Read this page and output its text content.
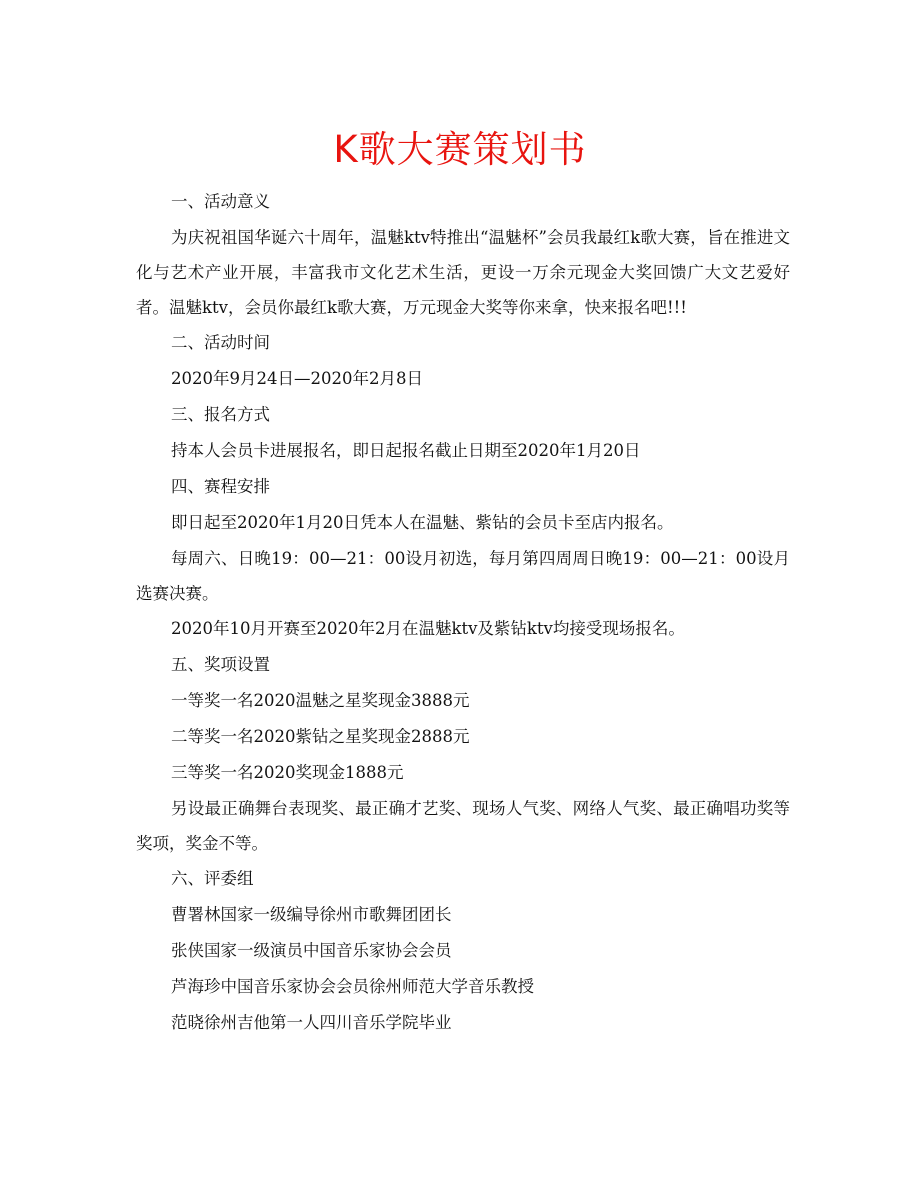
K歌大赛策划书

一、活动意义

为庆祝祖国华诞六十周年，温魅ktv特推出“温魅杯”会员我最红k歌大赛，旨在推进文化与艺术产业开展，丰富我市文化艺术生活，更设一万余元现金大奖回馈广大文艺爱好者。温魅ktv，会员你最红k歌大赛，万元现金大奖等你来拿，快来报名吧!!!

二、活动时间

2020年9月24日—2020年2月8日

三、报名方式

持本人会员卡进展报名，即日起报名截止日期至2020年1月20日

四、赛程安排

即日起至2020年1月20日凭本人在温魅、紫钻的会员卡至店内报名。

每周六、日晚19：00—21：00设月初选，每月第四周周日晚19：00—21：00设月选赛决赛。

2020年10月开赛至2020年2月在温魅ktv及紫钻ktv均接受现场报名。

五、奖项设置

一等奖一名2020温魅之星奖现金3888元

二等奖一名2020紫钻之星奖现金2888元

三等奖一名2020奖现金1888元

另设最正确舞台表现奖、最正确才艺奖、现场人气奖、网络人气奖、最正确唱功奖等奖项，奖金不等。

六、评委组

曹署林国家一级编导徐州市歌舞团团长

张侠国家一级演员中国音乐家协会会员

芦海珍中国音乐家协会会员徐州师范大学音乐教授

范晓徐州吉他第一人四川音乐学院毕业
